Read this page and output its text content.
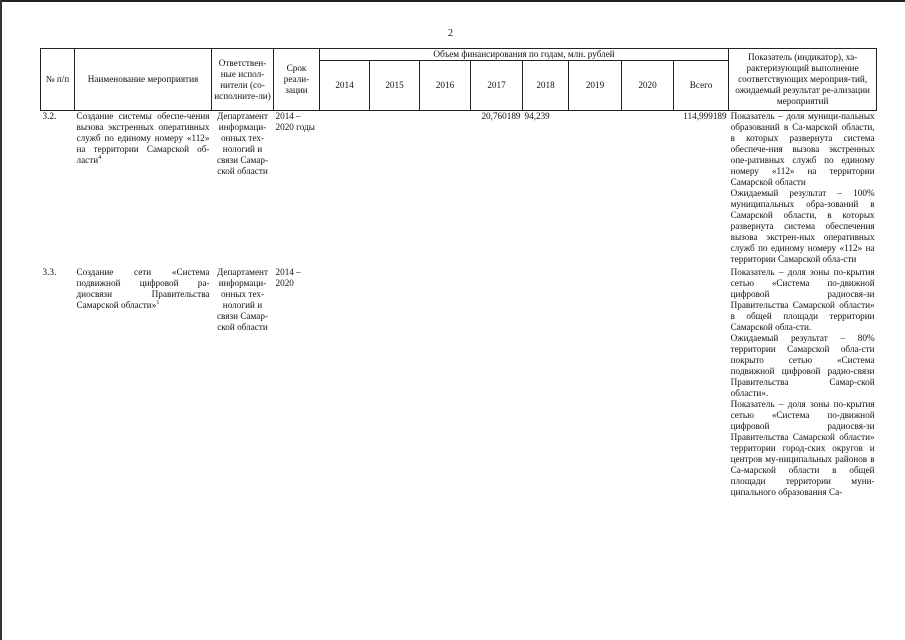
2
№ п/п	Наименование мероприятия	Ответствен-ные испол-нители (со-исполните-ли)	Срок реали-зации	Объем финансирования по годам, млн. рублей								Показатель (индикатор), ха-рактеризующий выполнение соответствующих мероприя-тий, ожидаемый результат ре-ализации мероприятий
				2014	2015	2016	2017	2018	2019	2020	Всего	
3.2.	Создание системы обеспе-чения вызова экстренных оперативных служб по единому номеру «112» на территории Самарской об-ласти$^4$	Департамент информаци-онных тех-нологий и связи Самар-ской области	2014 – 2020 годы				20,760189	94,239			114,999189	Показатель – доля муници-пальных образований в Са-марской области, в которых развернута система обеспече-ния вызова экстренных опе-ративных служб по единому номеру «112» на территории Самарской области
Ожидаемый результат – 100% муниципальных обра-зований в Самарской области, в которых развернута система обеспечения вызова экстрен-ных оперативных служб по единому номеру «112» на территории Самарской обла-сти

3.3.	Создание сети «Система подвижной цифровой ра-диосвязи Правительства Самарской области»$^1$	Департамент информаци-онных тех-нологий и связи Самар-ской области	2014 – 2020									Показатель – доля зоны по-крытия сетью «Система по-движной цифровой радиосвя-зи Правительства Самарской области» в общей площади территории Самарской обла-сти.
Ожидаемый результат – 80% территории Самарской обла-сти покрыто сетью «Система подвижной цифровой радио-связи Правительства Самар-ской области».
Показатель – доля зоны по-крытия сетью «Система по-движной цифровой радиосвя-зи Правительства Самарской области» территории город-ских округов и центров му-ниципальных районов в Са-марской области в общей площади территории муни-ципального образования Са-
